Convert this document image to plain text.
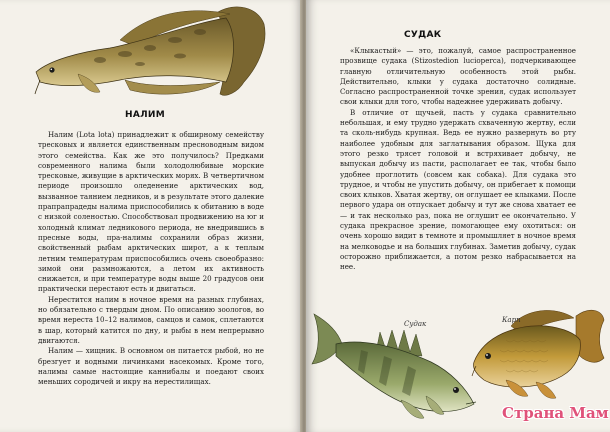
НАЛИМ

Налим (Lota lota) принадлежит к обширному семейству тресковых и является единственным пресноводным видом этого семейства. Как же это получилось? Предками современного налима были холодолюбивые морские тресковые, живущие в арктических морях. В четвертичном периоде произошло оледенение арктических вод, вызванное таянием ледников, и в результате этого далекие прапрапрадеды налима приспособились к обитанию в воде с низкой соленостью. Способствовал продвижению на юг и холодный климат ледникового периода, не внедрившись в пресные воды, пра-налимы сохранили образ жизни, свойственный рыбам арктических широт, а к теплым летним температурам приспособились очень своеобразно: зимой они размножаются, а летом их активность снижается, и при температуре воды выше 20 градусов они практически перестают есть и двигаться.

Нерестится налим в ночное время на разных глубинах, но обязательно с твердым дном. По описанию зоологов, во время нереста 10–12 налимов, самцов и самок, сплетаются в шар, который катится по дну, и рыбы в нем непрерывно двигаются.

Налим — хищник. В основном он питается рыбой, но не брезгует и водными личинками насекомых. Кроме того, налимы самые настоящие каннибалы и поедают своих меньших сородичей и икру на нерестилищах.

СУДАК

«Клыкастый» — это, пожалуй, самое распространенное прозвище судака (Stizostedion lucioperca), подчеркивающее главную отличительную особенность этой рыбы. Действительно, клыки у судака достаточно солидные. Согласно распространенной точке зрения, судак использует свои клыки для того, чтобы надежнее удерживать добычу.

В отличие от щучьей, пасть у судака сравнительно небольшая, и ему трудно удержать схваченную жертву, если та сколь-нибудь крупная. Ведь ее нужно развернуть во рту наиболее удобным для заглатывания образом. Щука для этого резко трясет головой и встряхивает добычу, не выпуская добычу из пасти, располагает ее так, чтобы было удобнее проглотить (совсем как собака). Для судака это трудное, и чтобы не упустить добычу, он прибегает к помощи своих клыков. Хватая жертву, он оглушает ее клыками. После первого удара он отпускает добычу и тут же снова хватает ее — и так несколько раз, пока не оглушит ее окончательно. У судака прекрасное зрение, помогающее ему охотиться: он очень хорошо видит в темноте и промышляет в ночное время на мелководье и на больших глубинах. Заметив добычу, судак осторожно приближается, а потом резко набрасывается на нее.

Судак	Карп
Страна Мам
